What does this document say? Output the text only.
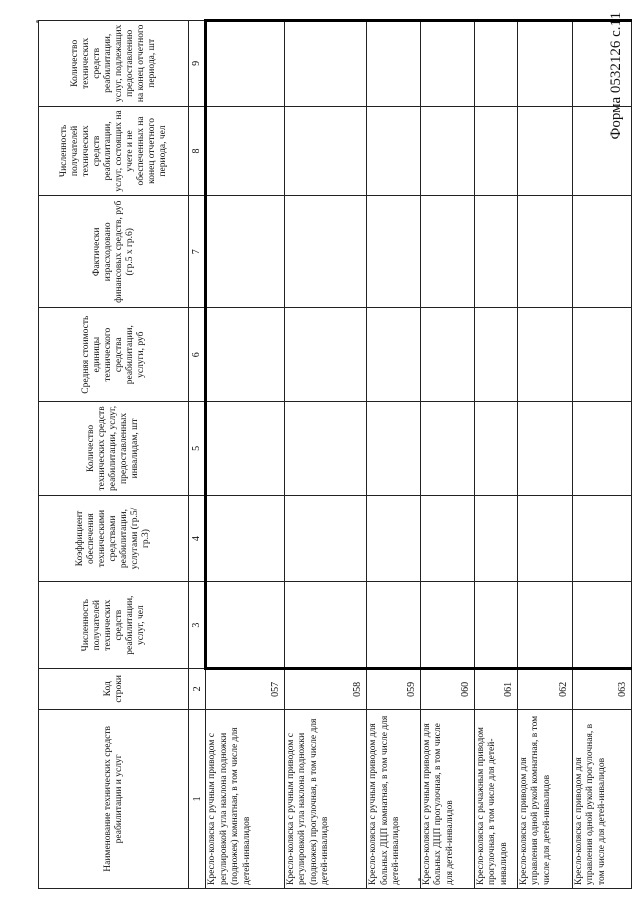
Форма 0532126 с.11
Наименование технических средств реабилитации и услуг	Код строки	Численность получателей технических средств реабилитации, услуг, чел	Коэффициент обеспечения техническими средствами реабилитации, услугами (гр.5/гр.3)	Количество технических средств реабилитации, услуг, предоставленных инвалидам, шт	Средняя стоимость единицы технического средства реабилитации, услуги, руб	Фактически израсходовано финансовых средств, руб (гр.5 х гр.6)	Численность получателей технических средств реабилитации, услуг, состоящих на учете и не обеспеченных на конец отчетного периода, чел	Количество технических средств реабилитации, услуг, подлежащих предоставлению на конец отчетного периода, шт
1	2	3	4	5	6	7	8	9
Кресло-коляска с ручным приводом с регулировкой угла наклона подножки (подножек) комнатная, в том числе для детей-инвалидов	057							
Кресло-коляска с ручным приводом с регулировкой угла наклона подножки (подножек) прогулочная, в том числе для детей-инвалидов	058							
Кресло-коляска с ручным приводом для больных ДЦП комнатная, в том числе для детей-инвалидов	059							
Кресло-коляска с ручным приводом для больных ДЦП прогулочная, в том числе для детей-инвалидов	060							
Кресло-коляска с рычажным приводом прогулочная, в том числе для детей-инвалидов	061							
Кресло-коляска с приводом для управления одной рукой комнатная, в том числе для детей-инвалидов	062							
Кресло-коляска с приводом для управления одной рукой прогулочная, в том числе для детей-инвалидов	063							
